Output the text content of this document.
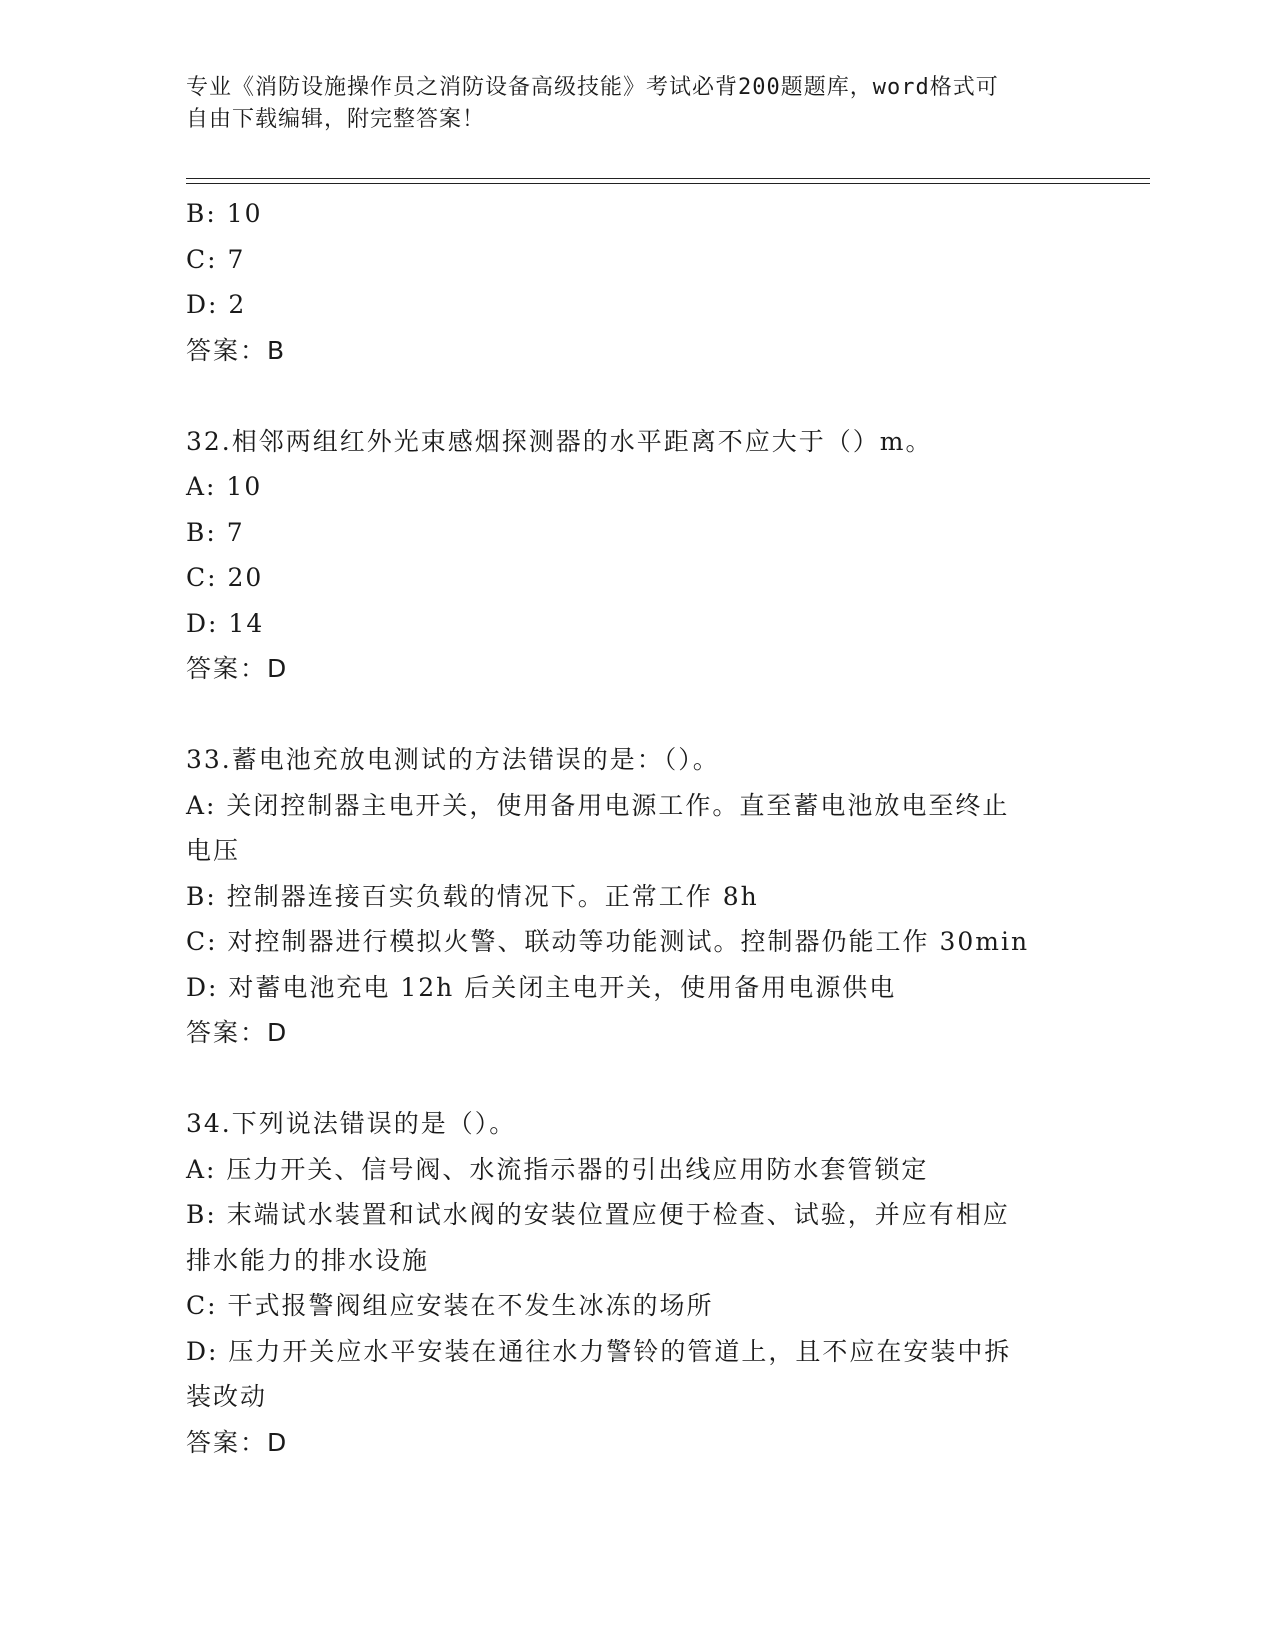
专业《消防设施操作员之消防设备高级技能》考试必背200题题库，word格式可
自由下载编辑，附完整答案！
B: 10
C: 7
D: 2
答案：B
32.相邻两组红外光束感烟探测器的水平距离不应大于（）m。
A: 10
B: 7
C: 20
D: 14
答案：D
33.蓄电池充放电测试的方法错误的是：（）。
A: 关闭控制器主电开关，使用备用电源工作。直至蓄电池放电至终止
电压
B: 控制器连接百实负载的情况下。正常工作 8h
C: 对控制器进行模拟火警、联动等功能测试。控制器仍能工作 30min
D: 对蓄电池充电 12h 后关闭主电开关，使用备用电源供电
答案：D
34.下列说法错误的是（）。
A: 压力开关、信号阀、水流指示器的引出线应用防水套管锁定
B: 末端试水装置和试水阀的安装位置应便于检查、试验，并应有相应
排水能力的排水设施
C: 干式报警阀组应安装在不发生冰冻的场所
D: 压力开关应水平安装在通往水力警铃的管道上，且不应在安装中拆
装改动
答案：D
